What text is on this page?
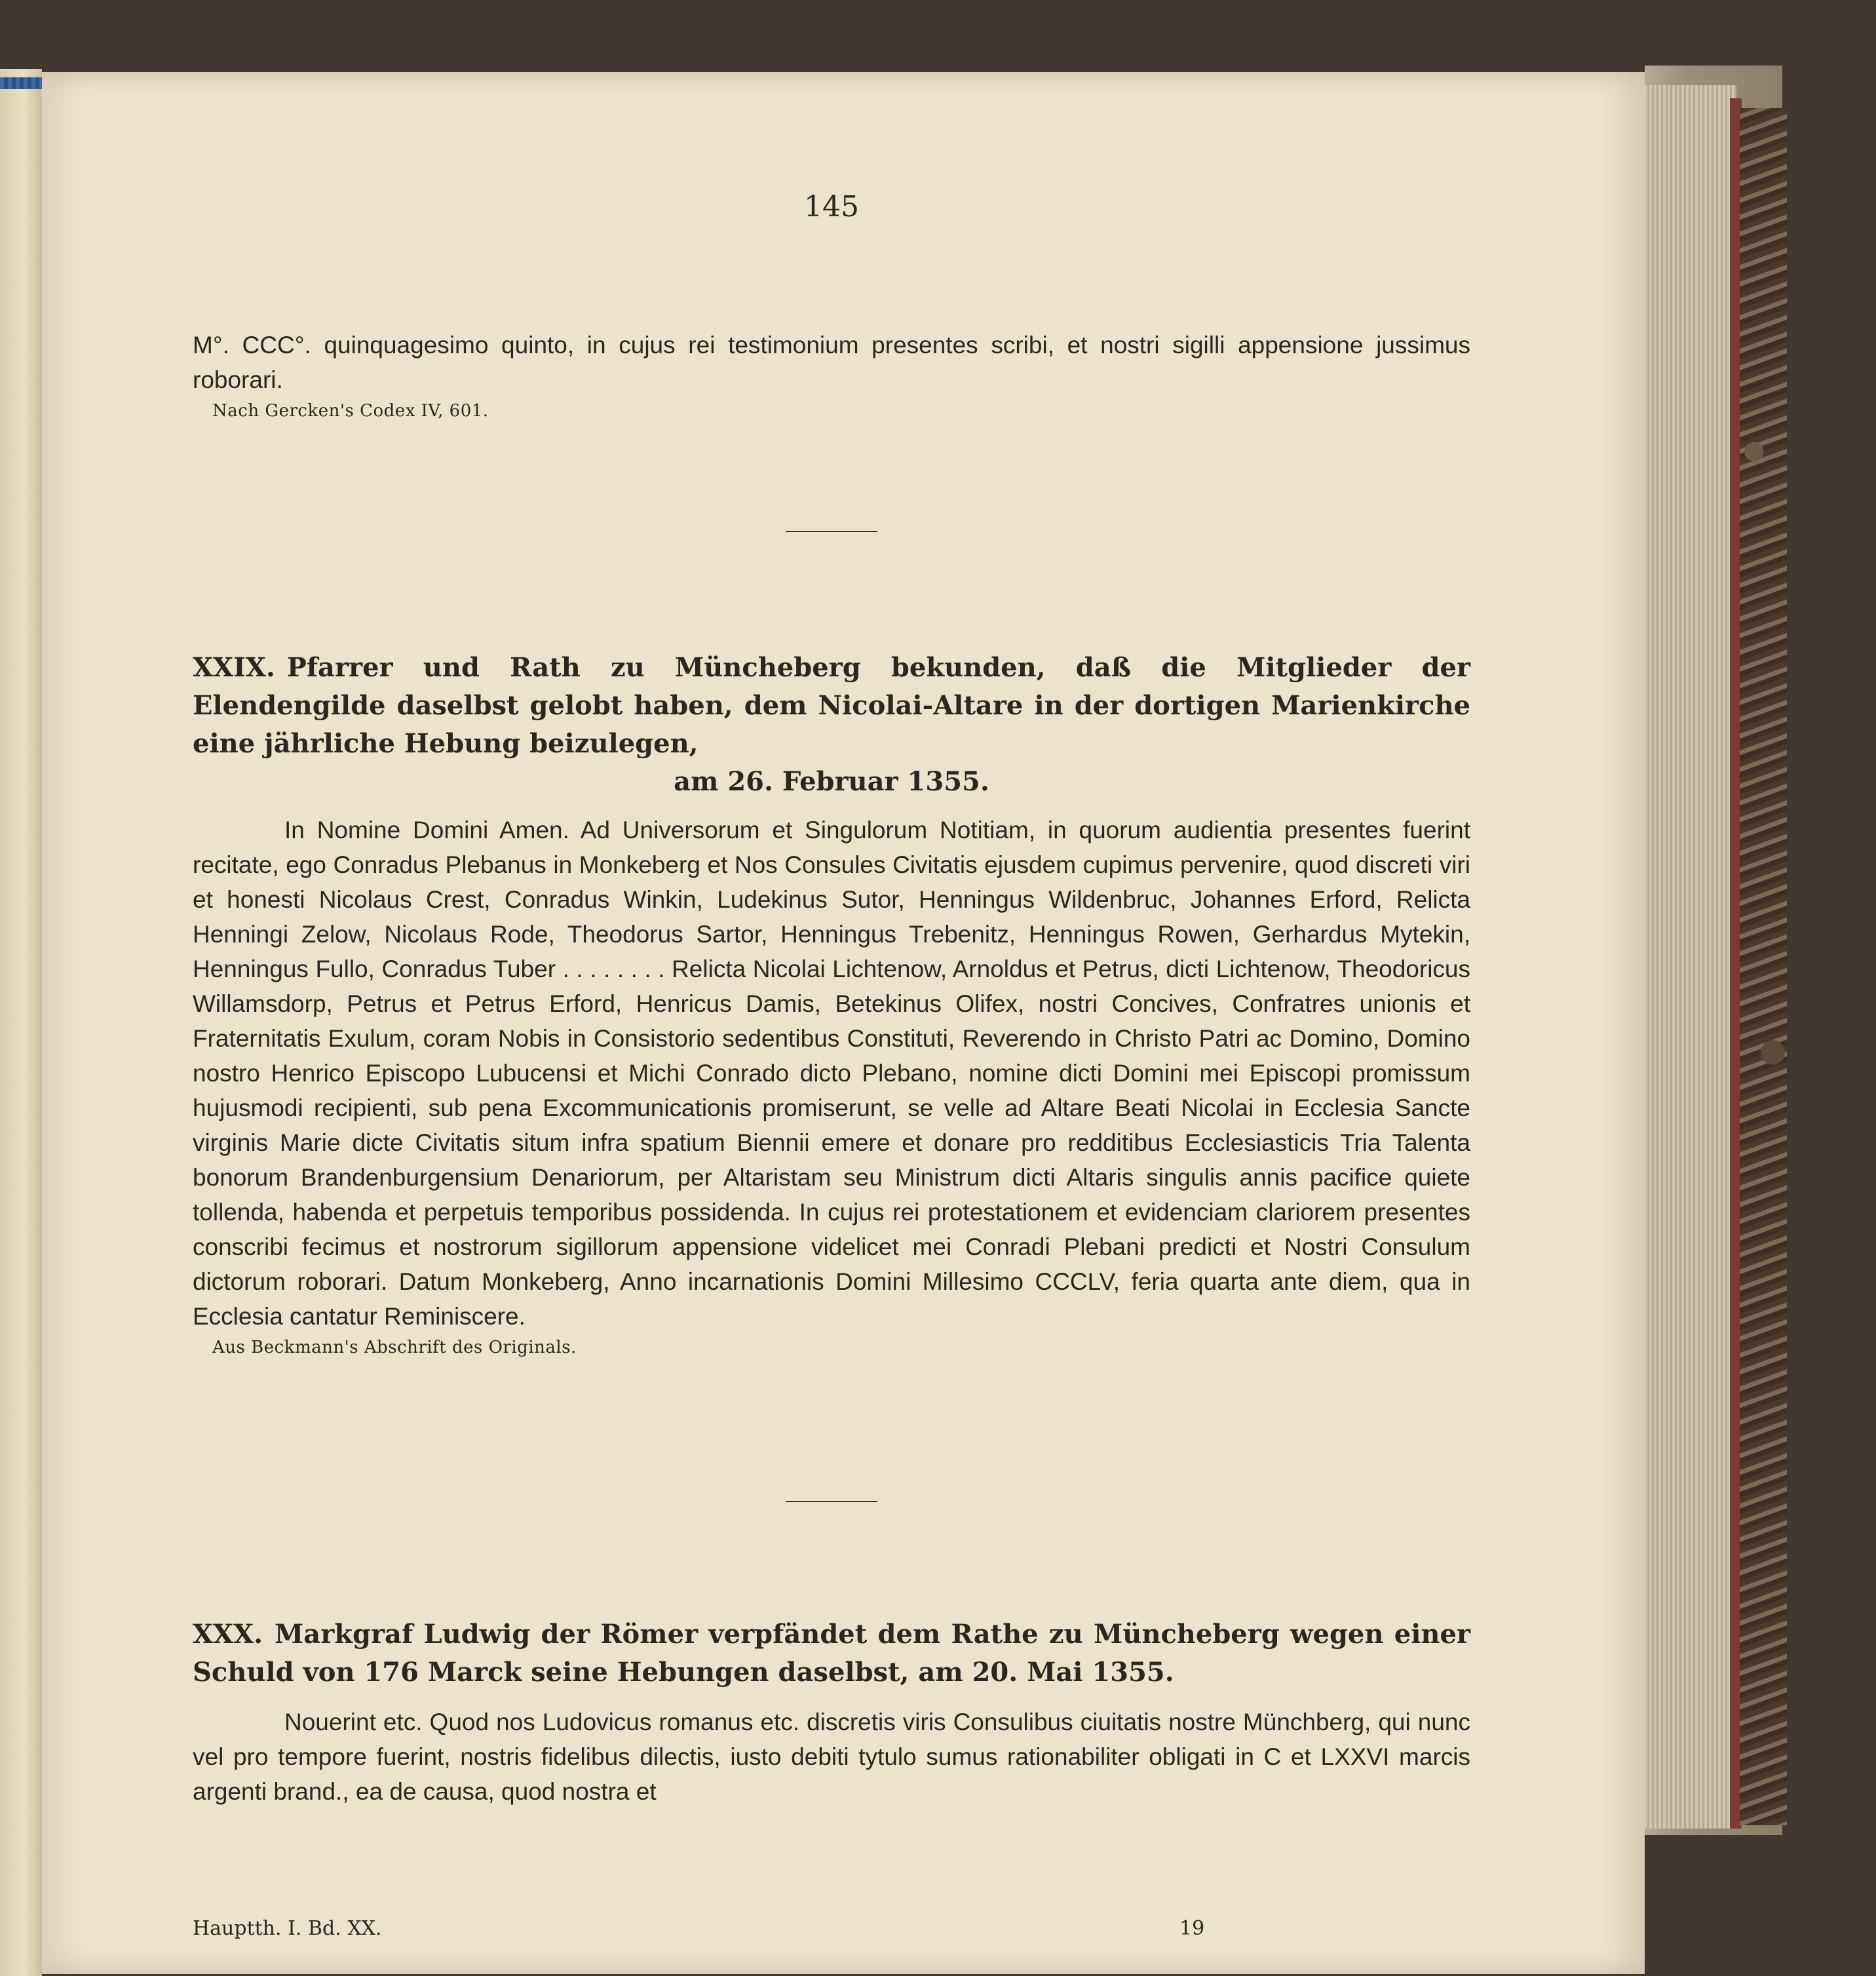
145

M°. CCC°. quinquagesimo quinto, in cujus rei testimonium presentes scribi, et nostri sigilli appensione jussimus roborari.

Nach Gercken's Codex IV, 601.
XXIX. Pfarrer und Rath zu Müncheberg bekunden, daß die Mitglieder der Elendengilde daselbst gelobt haben, dem Nicolai-Altare in der dortigen Marienkirche eine jährliche Hebung beizulegen,
am 26. Februar 1355.

In Nomine Domini Amen. Ad Universorum et Singulorum Notitiam, in quorum audientia presentes fuerint recitate, ego Conradus Plebanus in Monkeberg et Nos Consules Civitatis ejusdem cupimus pervenire, quod discreti viri et honesti Nicolaus Crest, Conradus Winkin, Ludekinus Sutor, Henningus Wildenbruc, Johannes Erford, Relicta Henningi Zelow, Nicolaus Rode, Theodorus Sartor, Henningus Trebenitz, Henningus Rowen, Gerhardus Mytekin, Henningus Fullo, Conradus Tuber . . . . . . . . Relicta Nicolai Lichtenow, Arnoldus et Petrus, dicti Lichtenow, Theodoricus Willamsdorp, Petrus et Petrus Erford, Henricus Damis, Betekinus Olifex, nostri Concives, Confratres unionis et Fraternitatis Exulum, coram Nobis in Consistorio sedentibus Constituti, Reverendo in Christo Patri ac Domino, Domino nostro Henrico Episcopo Lubucensi et Michi Conrado dicto Plebano, nomine dicti Domini mei Episcopi promissum hujusmodi recipienti, sub pena Excommunicationis promiserunt, se velle ad Altare Beati Nicolai in Ecclesia Sancte virginis Marie dicte Civitatis situm infra spatium Biennii emere et donare pro redditibus Ecclesiasticis Tria Talenta bonorum Brandenburgensium Denariorum, per Altaristam seu Ministrum dicti Altaris singulis annis pacifice quiete tollenda, habenda et perpetuis temporibus possidenda. In cujus rei protestationem et evidenciam clariorem presentes conscribi fecimus et nostrorum sigillorum appensione videlicet mei Conradi Plebani predicti et Nostri Consulum dictorum roborari. Datum Monkeberg, Anno incarnationis Domini Millesimo CCCLV, feria quarta ante diem, qua in Ecclesia cantatur Reminiscere.

Aus Beckmann's Abschrift des Originals.
XXX. Markgraf Ludwig der Römer verpfändet dem Rathe zu Müncheberg wegen einer Schuld von 176 Marck seine Hebungen daselbst, am 20. Mai 1355.

Nouerint etc. Quod nos Ludovicus romanus etc. discretis viris Consulibus ciuitatis nostre Münchberg, qui nunc vel pro tempore fuerint, nostris fidelibus dilectis, iusto debiti tytulo sumus rationabiliter obligati in C et LXXVI marcis argenti brand., ea de causa, quod nostra et

Hauptth. I. Bd. XX.	19
